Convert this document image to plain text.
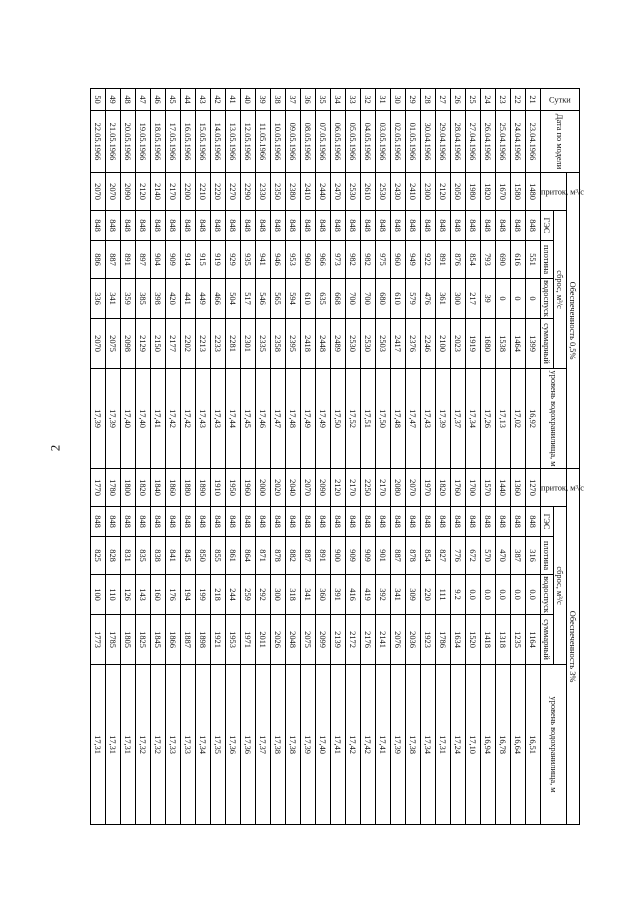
2
Сутки	Дата по модели	Обеспеченность 0,5%						Обеспеченность 3%					
		приток, м³/с	сброс, м³/с				уровень водохранилища, м	приток, м³/с	сброс, м³/с				уровень водохранилища, м
			ГЭС	плотина	водоспуск	суммарный			ГЭС	плотина	водоспуск	суммарный	
21	23.04.1966	1480	848	551	0	1399	16,92	1270	848	316	0.0	1164	16,51
22	24.04.1966	1580	848	616	0	1464	17,02	1360	848	387	0.0	1235	16,64
23	25.04.1966	1670	848	690	0	1538	17,13	1440	848	470	0.0	1318	16,78
24	26.04.1966	1820	848	793	39	1680	17,26	1570	848	570	0.0	1418	16,94
25	27.04.1966	1980	848	854	217	1919	17,34	1700	848	672	0.0	1520	17,10
26	28.04.1966	2050	848	876	300	2023	17,37	1760	848	776	9.2	1634	17,24
27	29.04.1966	2120	848	891	361	2100	17,39	1820	848	827	111	1786	17,31
28	30.04.1966	2300	848	922	476	2246	17,43	1970	848	854	220	1923	17,34
29	01.05.1966	2410	848	949	579	2376	17,47	2070	848	878	309	2036	17,38
30	02.05.1966	2430	848	960	610	2417	17,48	2080	848	887	341	2076	17,39
31	03.05.1966	2530	848	975	680	2503	17,50	2170	848	901	392	2141	17,41
32	04.05.1966	2610	848	982	700	2530	17,51	2250	848	909	419	2176	17,42
33	05.05.1966	2530	848	982	700	2530	17,52	2170	848	909	416	2172	17,42
34	06.05.1966	2470	848	973	668	2489	17,50	2120	848	900	391	2139	17,41
35	07.05.1966	2440	848	966	635	2448	17,49	2090	848	891	360	2099	17,40
36	08.05.1966	2410	848	960	610	2418	17,49	2070	848	887	341	2075	17,39
37	09.05.1966	2380	848	953	594	2395	17,48	2040	848	882	318	2048	17,38
38	10.05.1966	2350	848	946	565	2358	17,47	2020	848	878	300	2026	17,38
39	11.05.1966	2330	848	941	546	2335	17,46	2000	848	871	292	2011	17,37
40	12.05.1966	2290	848	935	517	2301	17,45	1960	848	864	259	1971	17,36
41	13.05.1966	2270	848	929	504	2281	17,44	1950	848	861	244	1953	17,36
42	14.05.1966	2220	848	919	466	2233	17,43	1910	848	855	218	1921	17,35
43	15.05.1966	2210	848	915	449	2213	17,43	1890	848	850	199	1898	17,34
44	16.05.1966	2200	848	914	441	2202	17,42	1880	848	845	194	1887	17,33
45	17.05.1966	2170	848	909	420	2177	17,42	1860	848	841	176	1866	17,33
46	18.05.1966	2140	848	904	398	2150	17,41	1840	848	838	160	1845	17,32
47	19.05.1966	2120	848	897	385	2129	17,40	1820	848	835	143	1825	17,32
48	20.05.1966	2090	848	891	359	2098	17,40	1800	848	831	126	1805	17,31
49	21.05.1966	2070	848	887	341	2075	17,39	1780	848	828	110	1785	17,31
50	22.05.1966	2070	848	886	336	2070	17,39	1770	848	825	100	1773	17,31
